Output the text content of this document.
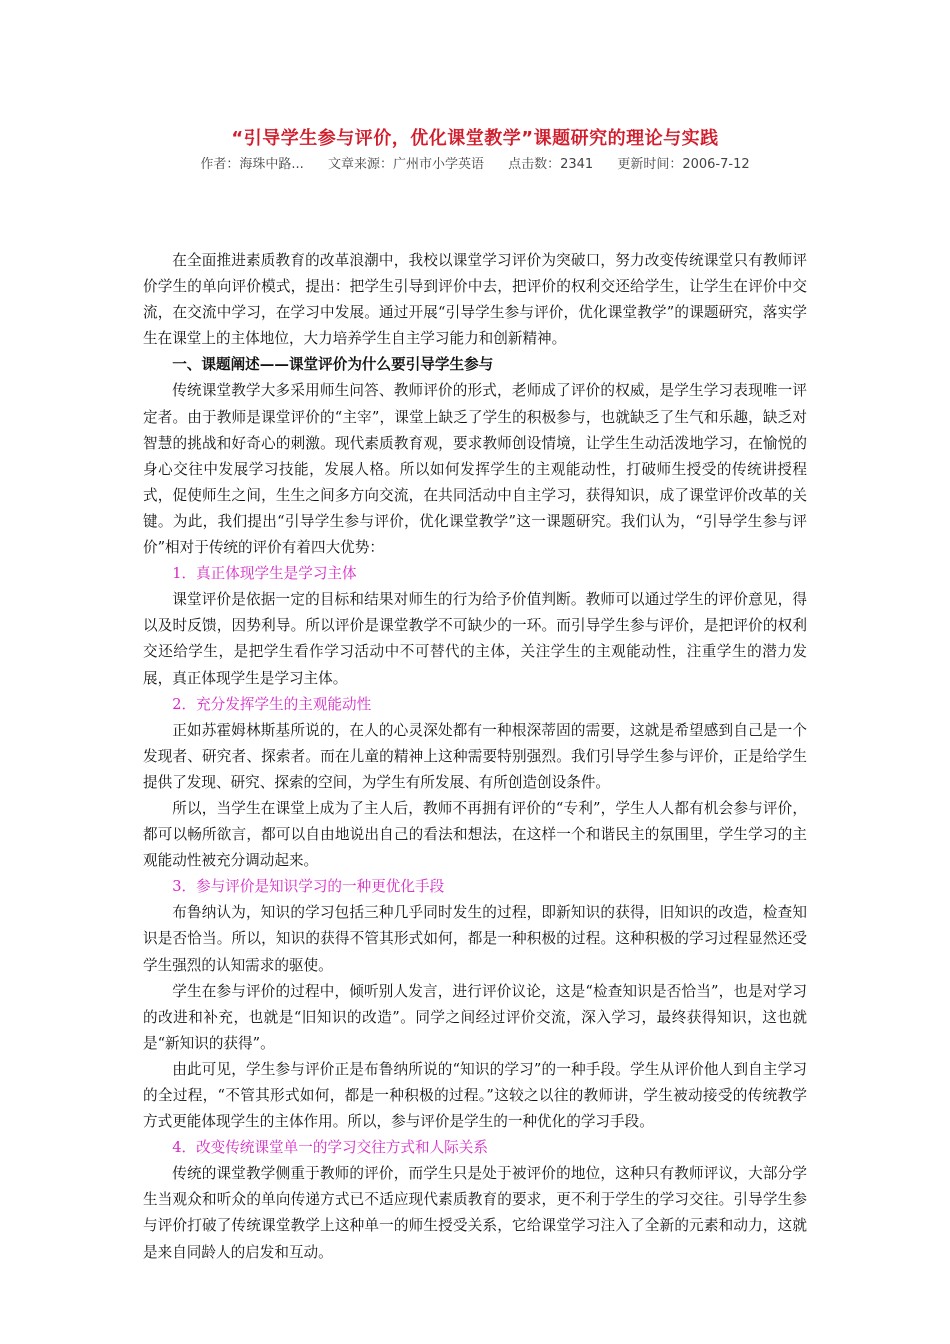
“引导学生参与评价，优化课堂教学”课题研究的理论与实践
作者：海珠中路... 文章来源：广州市小学英语 点击数：2341 更新时间：2006-7-12

在全面推进素质教育的改革浪潮中，我校以课堂学习评价为突破口，努力改变传统课堂只有教师评价学生的单向评价模式，提出：把学生引导到评价中去，把评价的权利交还给学生，让学生在评价中交流，在交流中学习，在学习中发展。通过开展“引导学生参与评价，优化课堂教学”的课题研究，落实学生在课堂上的主体地位，大力培养学生自主学习能力和创新精神。

一、课题阐述——课堂评价为什么要引导学生参与

传统课堂教学大多采用师生问答、教师评价的形式，老师成了评价的权威，是学生学习表现唯一评定者。由于教师是课堂评价的“主宰”，课堂上缺乏了学生的积极参与，也就缺乏了生气和乐趣，缺乏对智慧的挑战和好奇心的刺激。现代素质教育观，要求教师创设情境，让学生生动活泼地学习，在愉悦的身心交往中发展学习技能，发展人格。所以如何发挥学生的主观能动性，打破师生授受的传统讲授程式，促使师生之间，生生之间多方向交流，在共同活动中自主学习，获得知识，成了课堂评价改革的关键。为此，我们提出“引导学生参与评价，优化课堂教学”这一课题研究。我们认为，“引导学生参与评价”相对于传统的评价有着四大优势：

1．真正体现学生是学习主体

课堂评价是依据一定的目标和结果对师生的行为给予价值判断。教师可以通过学生的评价意见，得以及时反馈，因势利导。所以评价是课堂教学不可缺少的一环。而引导学生参与评价，是把评价的权利交还给学生，是把学生看作学习活动中不可替代的主体，关注学生的主观能动性，注重学生的潜力发展，真正体现学生是学习主体。

2．充分发挥学生的主观能动性

正如苏霍姆林斯基所说的，在人的心灵深处都有一种根深蒂固的需要，这就是希望感到自己是一个发现者、研究者、探索者。而在儿童的精神上这种需要特别强烈。我们引导学生参与评价，正是给学生提供了发现、研究、探索的空间，为学生有所发展、有所创造创设条件。

所以，当学生在课堂上成为了主人后，教师不再拥有评价的“专利”，学生人人都有机会参与评价，都可以畅所欲言，都可以自由地说出自己的看法和想法，在这样一个和谐民主的氛围里，学生学习的主观能动性被充分调动起来。

3．参与评价是知识学习的一种更优化手段

布鲁纳认为，知识的学习包括三种几乎同时发生的过程，即新知识的获得，旧知识的改造，检查知识是否恰当。所以，知识的获得不管其形式如何，都是一种积极的过程。这种积极的学习过程显然还受学生强烈的认知需求的驱使。

学生在参与评价的过程中，倾听别人发言，进行评价议论，这是“检查知识是否恰当”，也是对学习的改进和补充，也就是“旧知识的改造”。同学之间经过评价交流，深入学习，最终获得知识，这也就是“新知识的获得”。

由此可见，学生参与评价正是布鲁纳所说的“知识的学习”的一种手段。学生从评价他人到自主学习的全过程，“不管其形式如何，都是一种积极的过程。”这较之以往的教师讲，学生被动接受的传统教学方式更能体现学生的主体作用。所以，参与评价是学生的一种优化的学习手段。

4．改变传统课堂单一的学习交往方式和人际关系

传统的课堂教学侧重于教师的评价，而学生只是处于被评价的地位，这种只有教师评议，大部分学生当观众和听众的单向传递方式已不适应现代素质教育的要求，更不利于学生的学习交往。引导学生参与评价打破了传统课堂教学上这种单一的师生授受关系，它给课堂学习注入了全新的元素和动力，这就是来自同龄人的启发和互动。
